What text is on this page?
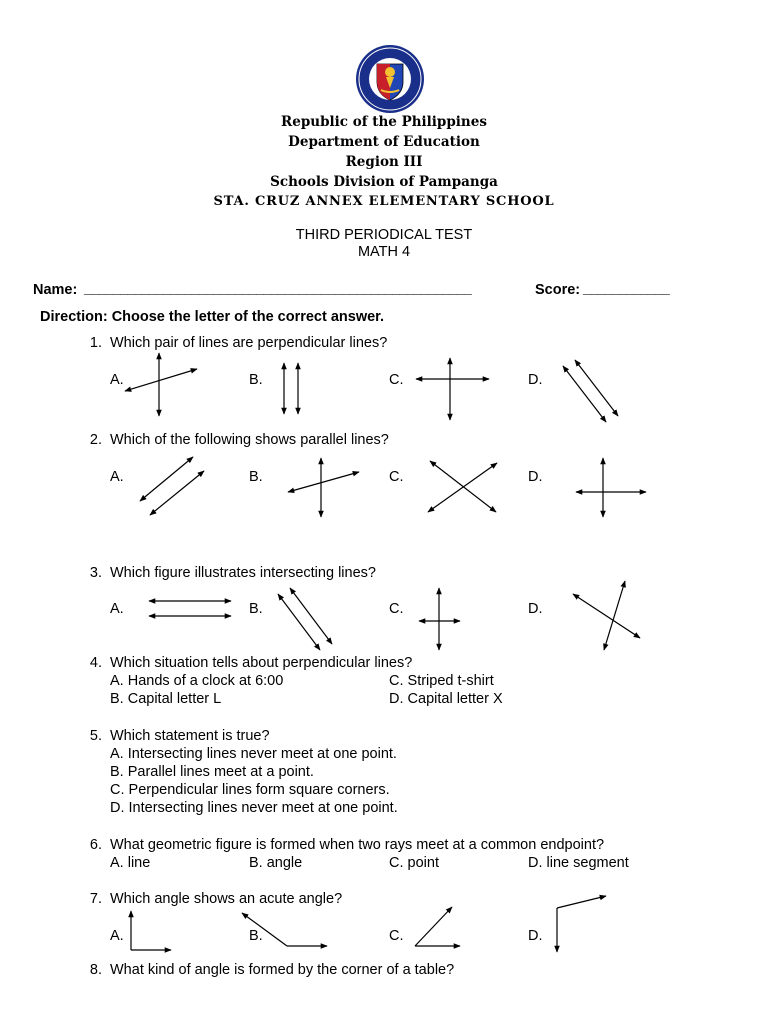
Republic of the Philippines
Department of Education
Region III
Schools Division of Pampanga
STA. CRUZ ANNEX ELEMENTARY SCHOOL
THIRD PERIODICAL TEST
MATH 4
Name: ______________________________________________________	Score: ____________
Direction: Choose the letter of the correct answer.
1. Which pair of lines are perpendicular lines?
A.	B.	C.	D.
2. Which of the following shows parallel lines?
A.	B.	C.	D.
3. Which figure illustrates intersecting lines?
A.	B.	C.	D.
4. Which situation tells about perpendicular lines?
A. Hands of a clock at 6:00	C. Striped t-shirt
B. Capital letter L	D. Capital letter X
5. Which statement is true?
A. Intersecting lines never meet at one point.
B. Parallel lines meet at a point.
C. Perpendicular lines form square corners.
D. Intersecting lines never meet at one point.
6. What geometric figure is formed when two rays meet at a common endpoint?
A. line	B. angle	C. point	D. line segment
7. Which angle shows an acute angle?
A.	B.	C.	D.
8. What kind of angle is formed by the corner of a table?
